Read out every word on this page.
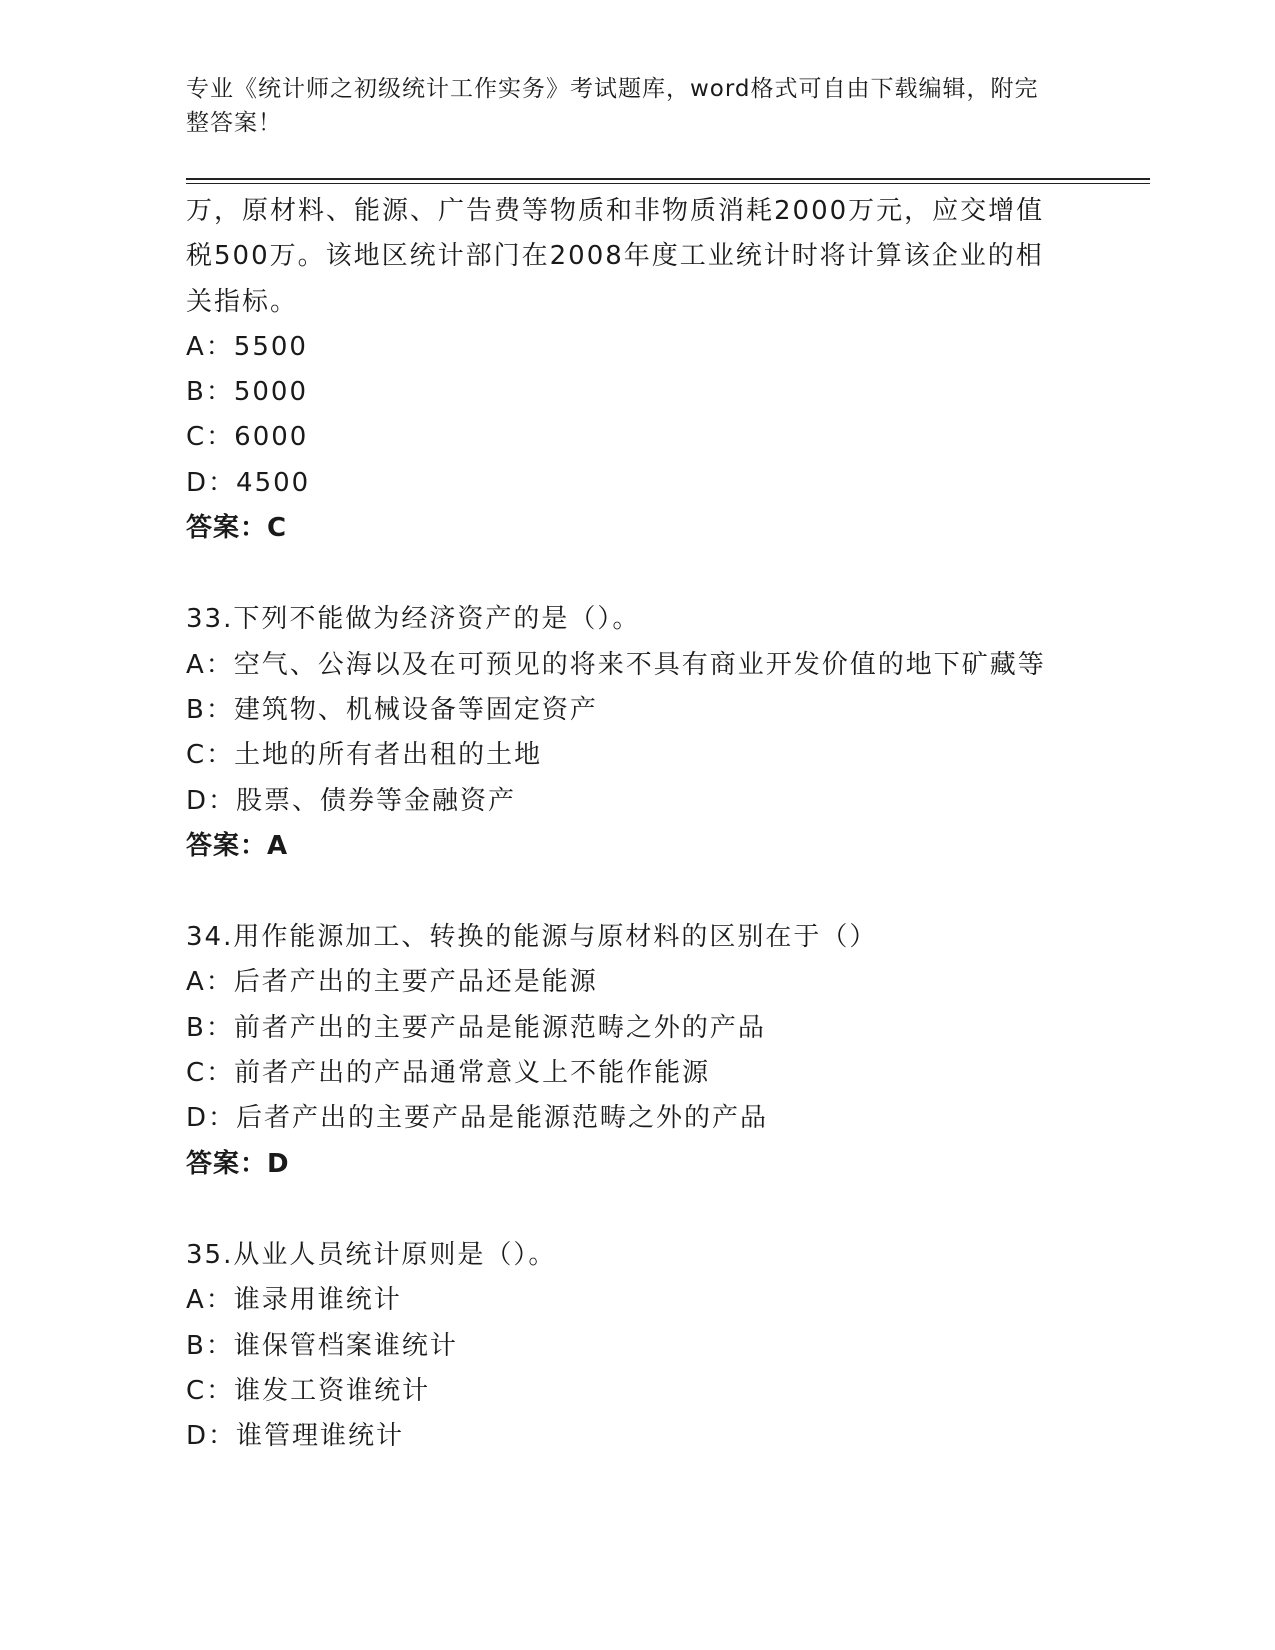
专业《统计师之初级统计工作实务》考试题库，word格式可自由下载编辑，附完
整答案！
万，原材料、能源、广告费等物质和非物质消耗2000万元，应交增值
税500万。该地区统计部门在2008年度工业统计时将计算该企业的相
关指标。
A：5500
B：5000
C：6000
D：4500
答案：C
33.下列不能做为经济资产的是（）。
A：空气、公海以及在可预见的将来不具有商业开发价值的地下矿藏等
B：建筑物、机械设备等固定资产
C：土地的所有者出租的土地
D：股票、债券等金融资产
答案：A
34.用作能源加工、转换的能源与原材料的区别在于（）
A：后者产出的主要产品还是能源
B：前者产出的主要产品是能源范畴之外的产品
C：前者产出的产品通常意义上不能作能源
D：后者产出的主要产品是能源范畴之外的产品
答案：D
35.从业人员统计原则是（）。
A：谁录用谁统计
B：谁保管档案谁统计
C：谁发工资谁统计
D：谁管理谁统计
